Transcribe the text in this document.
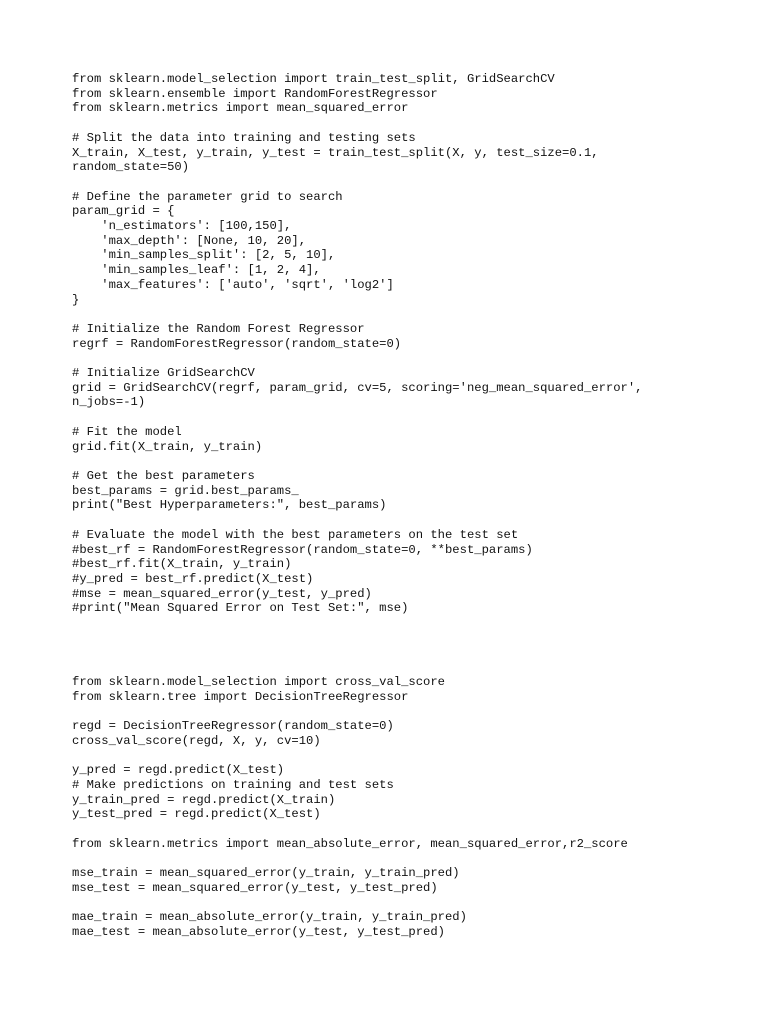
from sklearn.model_selection import train_test_split, GridSearchCV
from sklearn.ensemble import RandomForestRegressor
from sklearn.metrics import mean_squared_error

# Split the data into training and testing sets
X_train, X_test, y_train, y_test = train_test_split(X, y, test_size=0.1,
random_state=50)

# Define the parameter grid to search
param_grid = {
'n_estimators': [100,150],
'max_depth': [None, 10, 20],
'min_samples_split': [2, 5, 10],
'min_samples_leaf': [1, 2, 4],
'max_features': ['auto', 'sqrt', 'log2']
}

# Initialize the Random Forest Regressor
regrf = RandomForestRegressor(random_state=0)

# Initialize GridSearchCV
grid = GridSearchCV(regrf, param_grid, cv=5, scoring='neg_mean_squared_error',
n_jobs=-1)

# Fit the model
grid.fit(X_train, y_train)

# Get the best parameters
best_params = grid.best_params_
print("Best Hyperparameters:", best_params)

# Evaluate the model with the best parameters on the test set
#best_rf = RandomForestRegressor(random_state=0, **best_params)
#best_rf.fit(X_train, y_train)
#y_pred = best_rf.predict(X_test)
#mse = mean_squared_error(y_test, y_pred)
#print("Mean Squared Error on Test Set:", mse)
from sklearn.model_selection import cross_val_score
from sklearn.tree import DecisionTreeRegressor

regd = DecisionTreeRegressor(random_state=0)
cross_val_score(regd, X, y, cv=10)

y_pred = regd.predict(X_test)
# Make predictions on training and test sets
y_train_pred = regd.predict(X_train)
y_test_pred = regd.predict(X_test)

from sklearn.metrics import mean_absolute_error, mean_squared_error,r2_score

mse_train = mean_squared_error(y_train, y_train_pred)
mse_test = mean_squared_error(y_test, y_test_pred)

mae_train = mean_absolute_error(y_train, y_train_pred)
mae_test = mean_absolute_error(y_test, y_test_pred)
